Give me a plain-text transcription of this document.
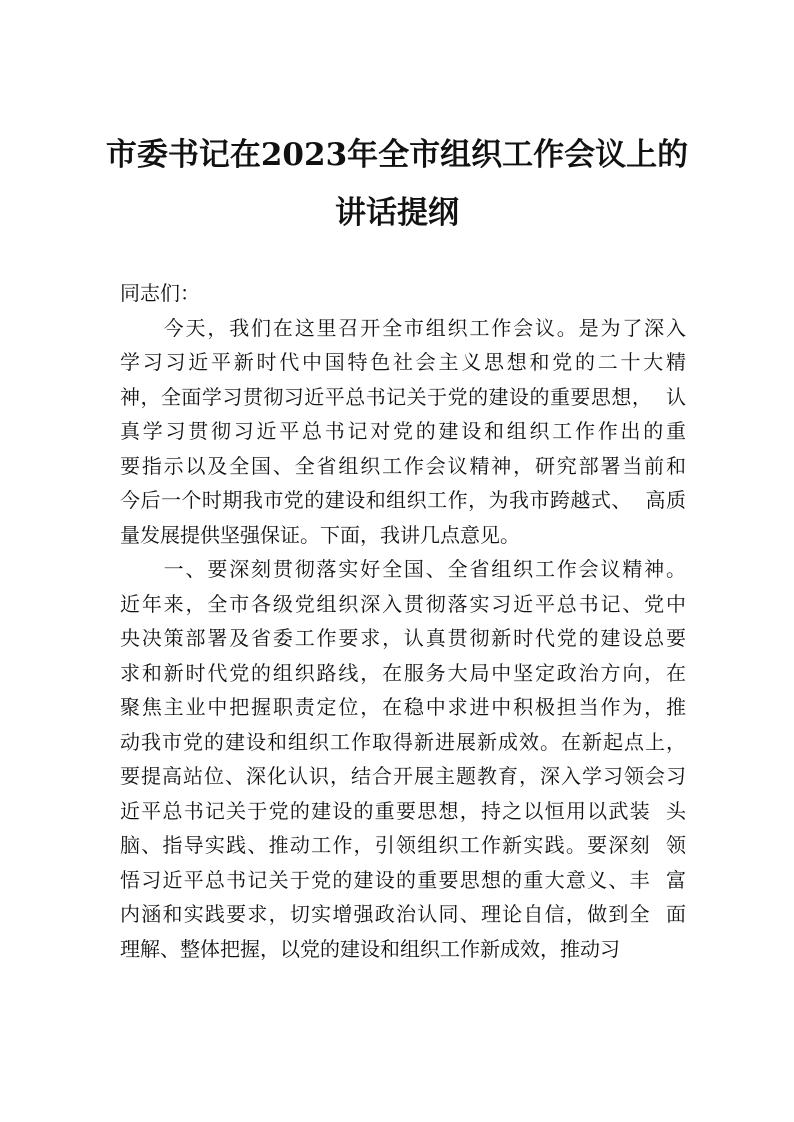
市委书记在2023年全市组织工作会议上的
讲话提纲
同志们：
　　今天，我们在这里召开全市组织工作会议。是为了深入
学习习近平新时代中国特色社会主义思想和党的二十大精
神，全面学习贯彻习近平总书记关于党的建设的重要思想，  认
真学习贯彻习近平总书记对党的建设和组织工作作出的重
要指示以及全国、全省组织工作会议精神，研究部署当前和
今后一个时期我市党的建设和组织工作，为我市跨越式、  高质
量发展提供坚强保证。下面，我讲几点意见。
　　一、要深刻贯彻落实好全国、全省组织工作会议精神。
近年来，全市各级党组织深入贯彻落实习近平总书记、党中
央决策部署及省委工作要求，认真贯彻新时代党的建设总要
求和新时代党的组织路线，在服务大局中坚定政治方向，在
聚焦主业中把握职责定位，在稳中求进中积极担当作为，推
动我市党的建设和组织工作取得新进展新成效。在新起点上，
要提高站位、深化认识，结合开展主题教育，深入学习领会习
近平总书记关于党的建设的重要思想，持之以恒用以武装  头
脑、指导实践、推动工作，引领组织工作新实践。要深刻  领
悟习近平总书记关于党的建设的重要思想的重大意义、丰  富
内涵和实践要求，切实增强政治认同、理论自信，做到全  面
理解、整体把握，以党的建设和组织工作新成效，推动习
